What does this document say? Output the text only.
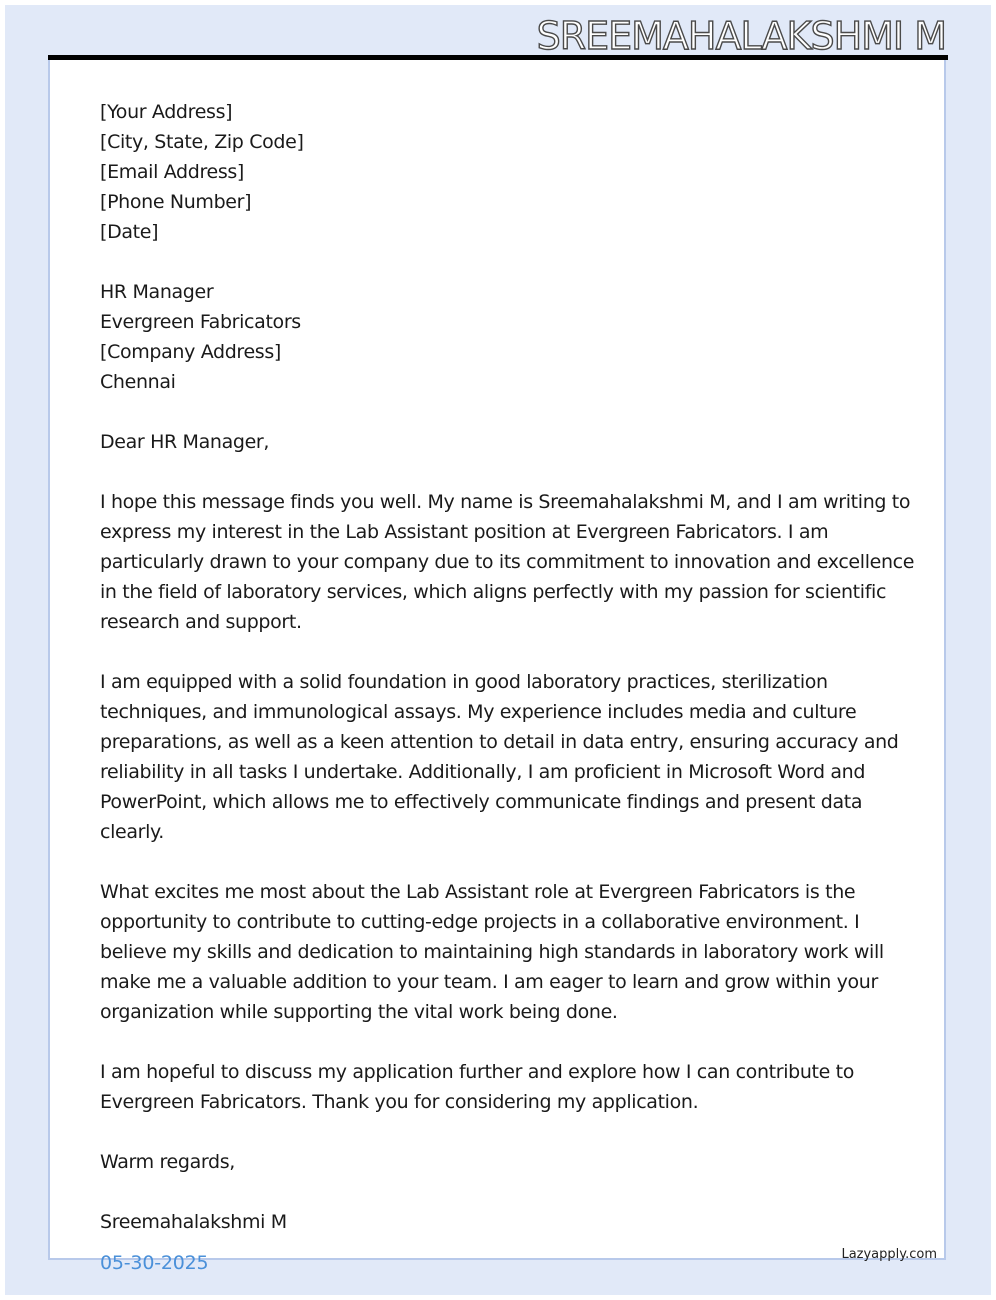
SREEMAHALAKSHMI M
[Your Address]
[City, State, Zip Code]
[Email Address]
[Phone Number]
[Date]
HR Manager
Evergreen Fabricators
[Company Address]
Chennai
Dear HR Manager,
I hope this message finds you well. My name is Sreemahalakshmi M, and I am writing to
express my interest in the Lab Assistant position at Evergreen Fabricators. I am
particularly drawn to your company due to its commitment to innovation and excellence
in the field of laboratory services, which aligns perfectly with my passion for scientific
research and support.
I am equipped with a solid foundation in good laboratory practices, sterilization
techniques, and immunological assays. My experience includes media and culture
preparations, as well as a keen attention to detail in data entry, ensuring accuracy and
reliability in all tasks I undertake. Additionally, I am proficient in Microsoft Word and
PowerPoint, which allows me to effectively communicate findings and present data
clearly.
What excites me most about the Lab Assistant role at Evergreen Fabricators is the
opportunity to contribute to cutting-edge projects in a collaborative environment. I
believe my skills and dedication to maintaining high standards in laboratory work will
make me a valuable addition to your team. I am eager to learn and grow within your
organization while supporting the vital work being done.
I am hopeful to discuss my application further and explore how I can contribute to
Evergreen Fabricators. Thank you for considering my application.
Warm regards,
Sreemahalakshmi M
05-30-2025	Lazyapply.com
